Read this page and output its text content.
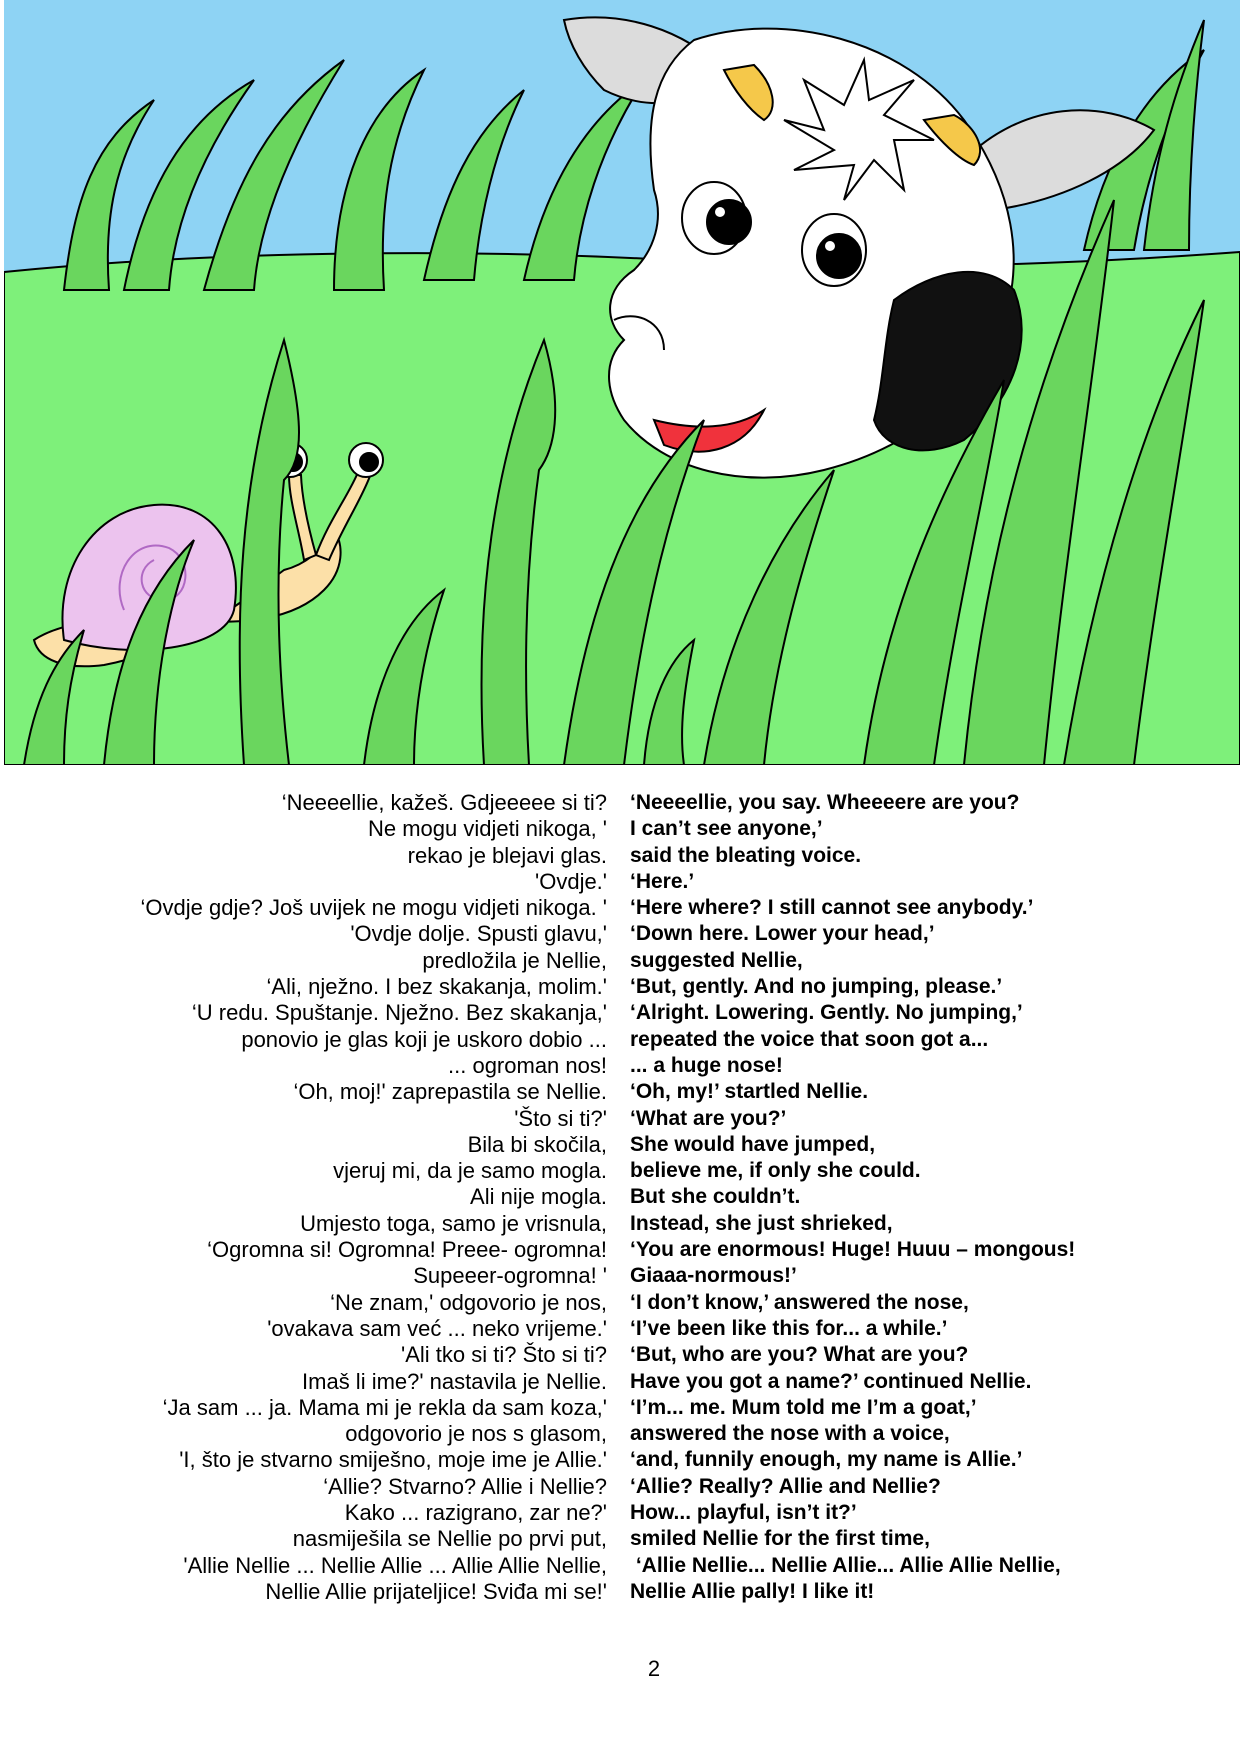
‘Neeeellie, kažeš. Gdjeeeee si ti?
Ne mogu vidjeti nikoga, '
rekao je blejavi glas.
'Ovdje.'
‘Ovdje gdje? Još uvijek ne mogu vidjeti nikoga. '
'Ovdje dolje. Spusti glavu,'
predložila je Nellie,
‘Ali, nježno. I bez skakanja, molim.'
‘U redu. Spuštanje. Nježno. Bez skakanja,'
ponovio je glas koji je uskoro dobio ...
... ogroman nos!
‘Oh, moj!' zaprepastila se Nellie.
'Što si ti?'
Bila bi skočila,
vjeruj mi, da je samo mogla.
Ali nije mogla.
Umjesto toga, samo je vrisnula,
‘Ogromna si! Ogromna! Preee- ogromna!
Supeeer-ogromna! '
‘Ne znam,' odgovorio je nos,
'ovakava sam već ... neko vrijeme.'
'Ali tko si ti? Što si ti?
Imaš li ime?' nastavila je Nellie.
‘Ja sam ... ja. Mama mi je rekla da sam koza,'
odgovorio je nos s glasom,
'I, što je stvarno smiješno, moje ime je Allie.'
‘Allie? Stvarno? Allie i Nellie?
Kako ... razigrano, zar ne?'
nasmiješila se Nellie po prvi put,
'Allie Nellie ... Nellie Allie ... Allie Allie Nellie,
Nellie Allie prijateljice! Sviđa mi se!'
‘Neeeellie, you say. Wheeeere are you?
I can’t see anyone,’
said the bleating voice.
‘Here.’
‘Here where? I still cannot see anybody.’
‘Down here. Lower your head,’
suggested Nellie,
‘But, gently. And no jumping, please.’
‘Alright. Lowering. Gently. No jumping,’
repeated the voice that soon got a...
... a huge nose!
‘Oh, my!’ startled Nellie.
‘What are you?’
She would have jumped,
believe me, if only she could.
But she couldn’t.
Instead, she just shrieked,
‘You are enormous! Huge! Huuu – mongous!
Giaaa-normous!’
‘I don’t know,’ answered the nose,
‘I’ve been like this for... a while.’
‘But, who are you? What are you?
Have you got a name?’ continued Nellie.
‘I’m... me. Mum told me I’m a goat,’
answered the nose with a voice,
‘and, funnily enough, my name is Allie.’
‘Allie? Really? Allie and Nellie?
How... playful, isn’t it?’
smiled Nellie for the first time,
‘Allie Nellie... Nellie Allie... Allie Allie Nellie,
Nellie Allie pally! I like it!
2
